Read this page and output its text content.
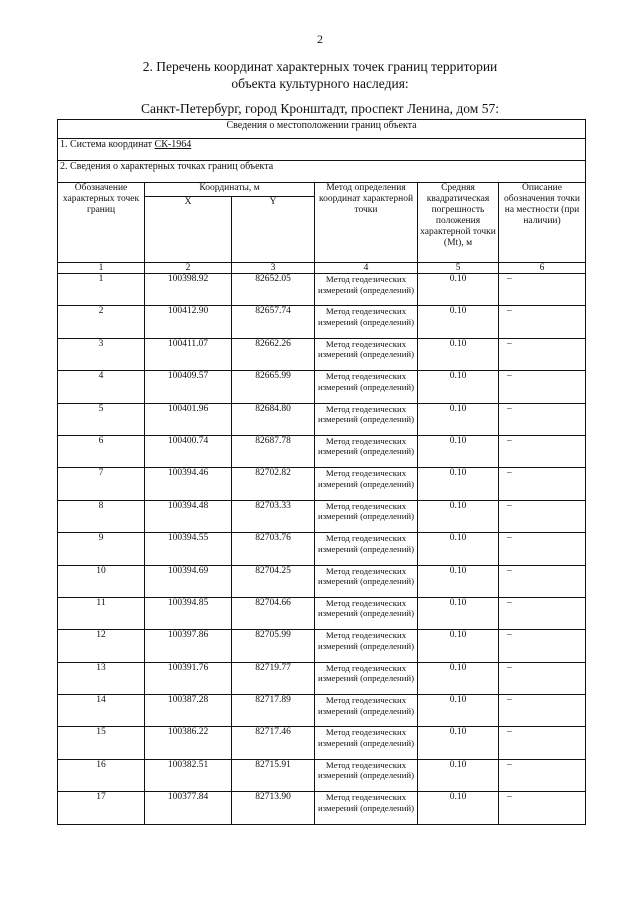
2
2. Перечень координат характерных точек границ территории
объекта культурного наследия:
Санкт-Петербург, город Кронштадт, проспект Ленина, дом 57:
Сведения о местоположении границ объекта					
1. Система координат СК-1964					
2. Сведения о характерных точках границ объекта					
Обозначение характерных точек границ	Координаты, м		Метод определения координат характерной точки	Средняя квадратическая погрешность положения характерной точки (Mt), м	Описание обозначения точки на местности (при наличии)
	X	Y			
1	2	3	4	5	6
1	100398.92	82652.05	Метод геодезических измерений (определений)	0.10	–
2	100412.90	82657.74	Метод геодезических измерений (определений)	0.10	–
3	100411.07	82662.26	Метод геодезических измерений (определений)	0.10	–
4	100409.57	82665.99	Метод геодезических измерений (определений)	0.10	–
5	100401.96	82684.80	Метод геодезических измерений (определений)	0.10	–
6	100400.74	82687.78	Метод геодезических измерений (определений)	0.10	–
7	100394.46	82702.82	Метод геодезических измерений (определений)	0.10	–
8	100394.48	82703.33	Метод геодезических измерений (определений)	0.10	–
9	100394.55	82703.76	Метод геодезических измерений (определений)	0.10	–
10	100394.69	82704.25	Метод геодезических измерений (определений)	0.10	–
11	100394.85	82704.66	Метод геодезических измерений (определений)	0.10	–
12	100397.86	82705.99	Метод геодезических измерений (определений)	0.10	–
13	100391.76	82719.77	Метод геодезических измерений (определений)	0.10	–
14	100387.28	82717.89	Метод геодезических измерений (определений)	0.10	–
15	100386.22	82717.46	Метод геодезических измерений (определений)	0.10	–
16	100382.51	82715.91	Метод геодезических измерений (определений)	0.10	–
17	100377.84	82713.90	Метод геодезических измерений (определений)	0.10	–
